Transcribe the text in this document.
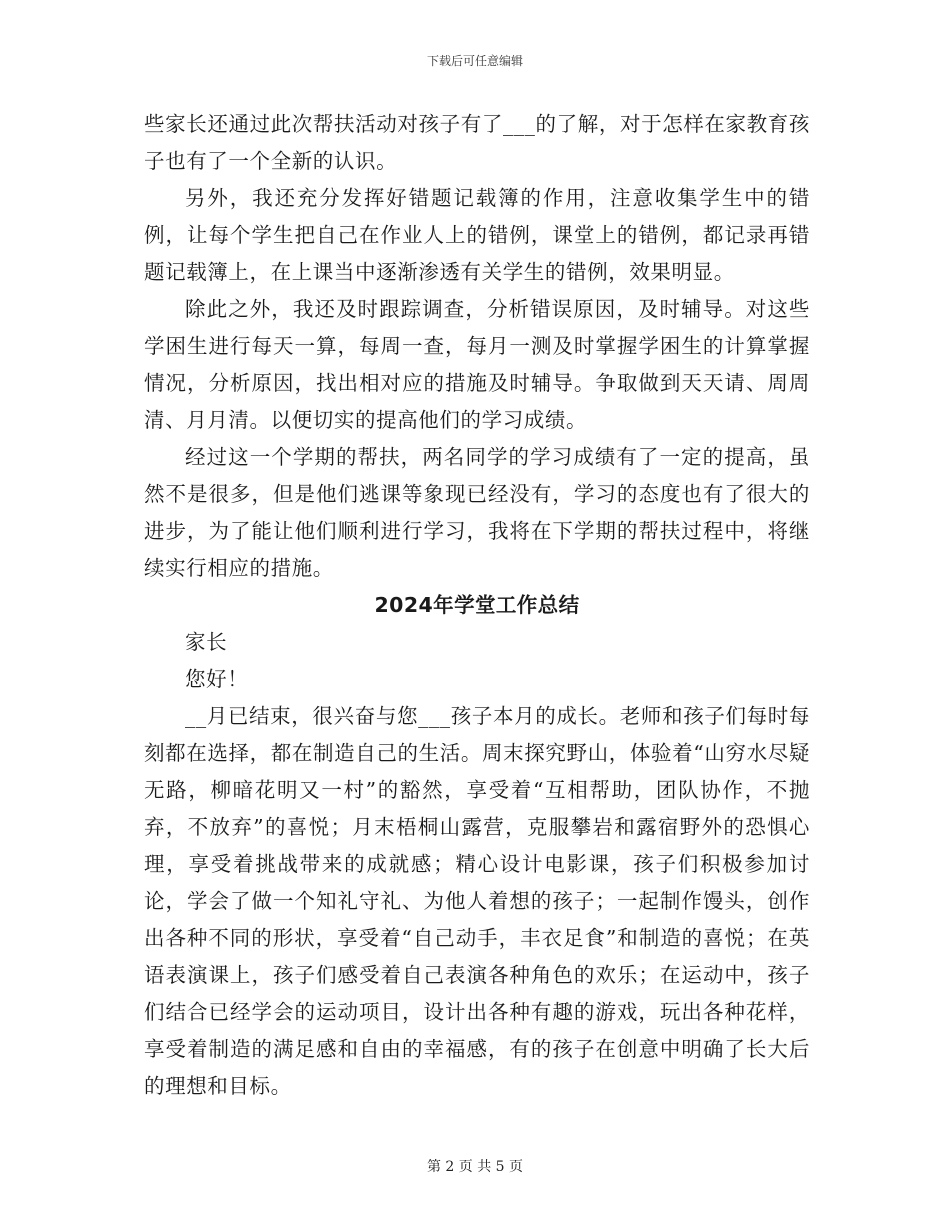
下载后可任意编辑

些家长还通过此次帮扶活动对孩子有了___的了解，对于怎样在家教育孩子也有了一个全新的认识。

另外，我还充分发挥好错题记载簿的作用，注意收集学生中的错例，让每个学生把自己在作业人上的错例，课堂上的错例，都记录再错题记载簿上，在上课当中逐渐渗透有关学生的错例，效果明显。

除此之外，我还及时跟踪调查，分析错误原因，及时辅导。对这些学困生进行每天一算，每周一查，每月一测及时掌握学困生的计算掌握情况，分析原因，找出相对应的措施及时辅导。争取做到天天请、周周清、月月清。以便切实的提高他们的学习成绩。

经过这一个学期的帮扶，两名同学的学习成绩有了一定的提高，虽然不是很多，但是他们逃课等象现已经没有，学习的态度也有了很大的进步，为了能让他们顺利进行学习，我将在下学期的帮扶过程中，将继续实行相应的措施。

2024年学堂工作总结

家长

您好！

__月已结束，很兴奋与您___孩子本月的成长。老师和孩子们每时每刻都在选择，都在制造自己的生活。周末探究野山，体验着“山穷水尽疑无路，柳暗花明又一村”的豁然，享受着“互相帮助，团队协作，不抛弃，不放弃”的喜悦；月末梧桐山露营，克服攀岩和露宿野外的恐惧心理，享受着挑战带来的成就感；精心设计电影课，孩子们积极参加讨论，学会了做一个知礼守礼、为他人着想的孩子；一起制作馒头，创作出各种不同的形状，享受着“自己动手，丰衣足食”和制造的喜悦；在英语表演课上，孩子们感受着自己表演各种角色的欢乐；在运动中，孩子们结合已经学会的运动项目，设计出各种有趣的游戏，玩出各种花样，享受着制造的满足感和自由的幸福感，有的孩子在创意中明确了长大后的理想和目标。

第 2 页 共 5 页
